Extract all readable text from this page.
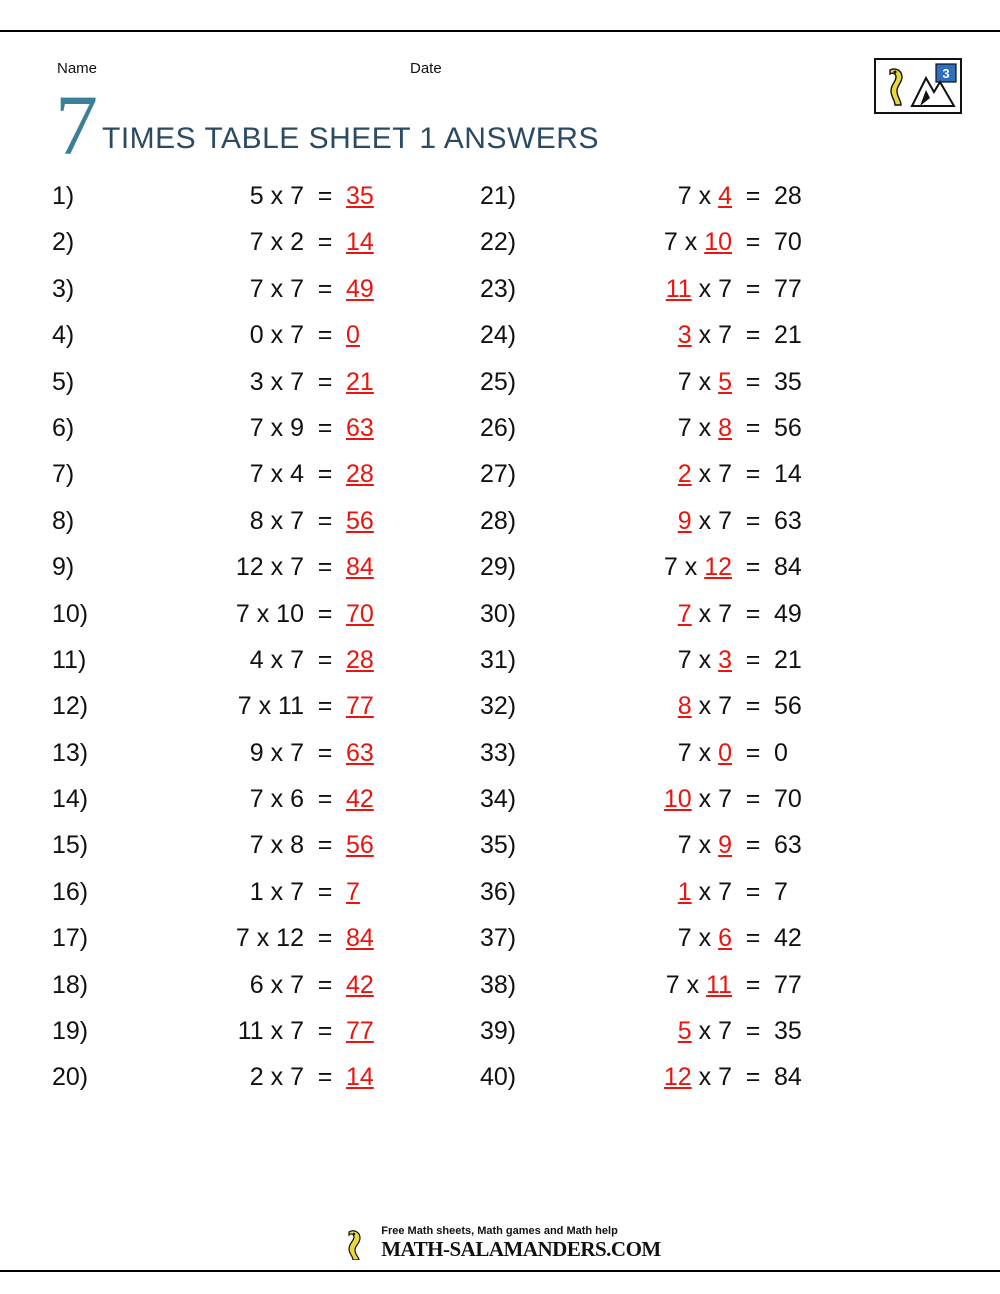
Name	Date
7 TIMES TABLE SHEET 1 ANSWERS
3
1)	5 x 7 = 35
2)	7 x 2 = 14
3)	7 x 7 = 49
4)	0 x 7 = 0
5)	3 x 7 = 21
6)	7 x 9 = 63
7)	7 x 4 = 28
8)	8 x 7 = 56
9)	12 x 7 = 84
10)	7 x 10 = 70
11)	4 x 7 = 28
12)	7 x 11 = 77
13)	9 x 7 = 63
14)	7 x 6 = 42
15)	7 x 8 = 56
16)	1 x 7 = 7
17)	7 x 12 = 84
18)	6 x 7 = 42
19)	11 x 7 = 77
20)	2 x 7 = 14
21)	7 x 4 = 28
22)	7 x 10 = 70
23)	11 x 7 = 77
24)	3 x 7 = 21
25)	7 x 5 = 35
26)	7 x 8 = 56
27)	2 x 7 = 14
28)	9 x 7 = 63
29)	7 x 12 = 84
30)	7 x 7 = 49
31)	7 x 3 = 21
32)	8 x 7 = 56
33)	7 x 0 = 0
34)	10 x 7 = 70
35)	7 x 9 = 63
36)	1 x 7 = 7
37)	7 x 6 = 42
38)	7 x 11 = 77
39)	5 x 7 = 35
40)	12 x 7 = 84
Free Math sheets, Math games and Math help
MATH-SALAMANDERS.COM
